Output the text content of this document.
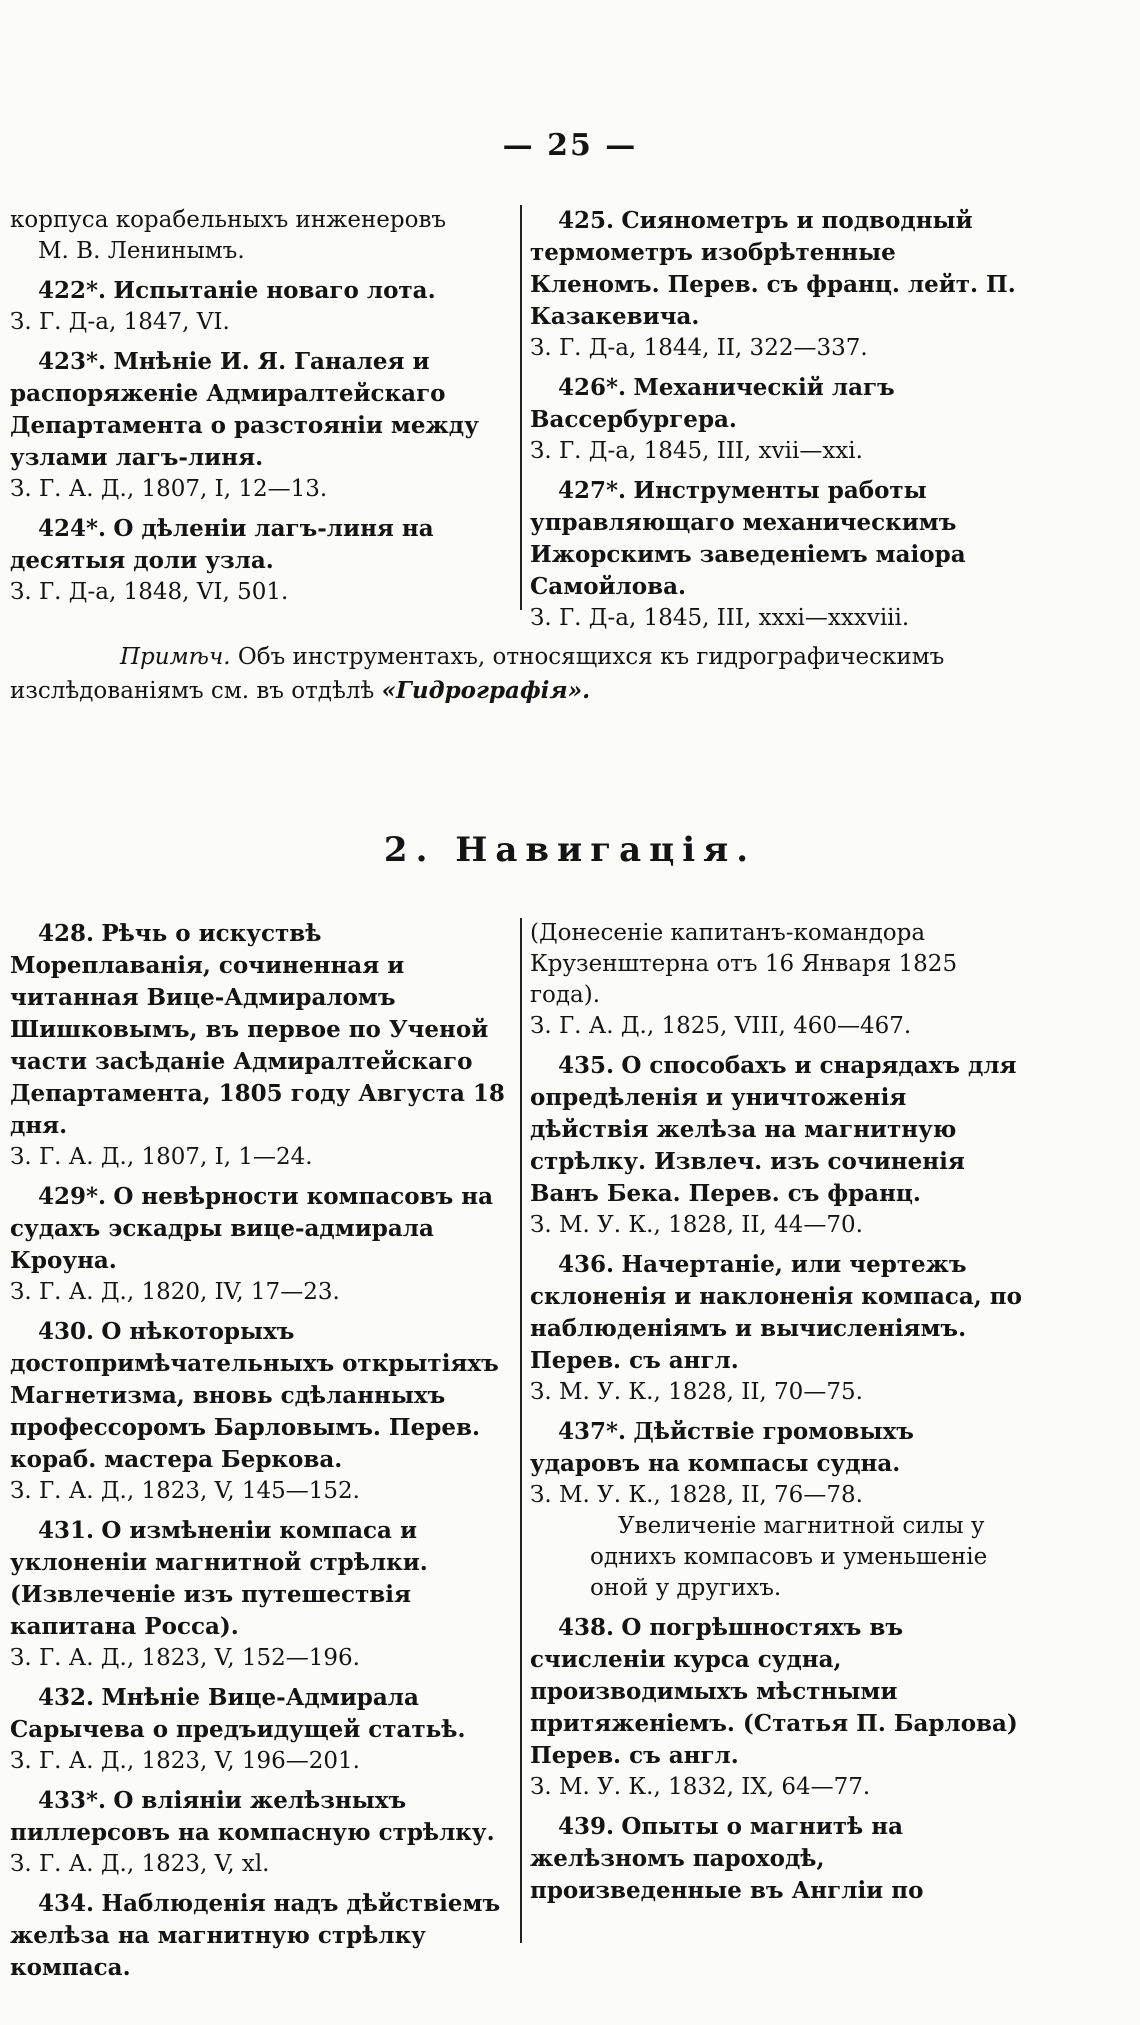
— 25 —

корпуса корабельныхъ инженеровъ

М. В. Ленинымъ.

422*. Испытаніе новаго лота.

З. Г. Д-а, 1847, VI.

423*. Мнѣніе И. Я. Ганалея и распоряженіе Адмиралтейскаго Департамента о разстояніи между узлами лагъ-линя.

З. Г. А. Д., 1807, I, 12—13.

424*. О дѣленіи лагъ-линя на десятыя доли узла.

З. Г. Д-а, 1848, VI, 501.

425. Сиянометръ и подводный термометръ изобрѣтенные Кленомъ. Перев. съ франц. лейт. П. Казакевича.

З. Г. Д-а, 1844, II, 322—337.

426*. Механическій лагъ Вассербургера.

З. Г. Д-а, 1845, III, xvii—xxi.

427*. Инструменты работы управляющаго механическимъ Ижорскимъ заведеніемъ маіора Самойлова.

З. Г. Д-а, 1845, III, xxxi—xxxviii.

Примѣч. Объ инструментахъ, относящихся къ гидрографическимъ изслѣдованіямъ см. въ отдѣлѣ «Гидрографія».
2. Навигація.

428. Рѣчь о искуствѣ Мореплаванія, сочиненная и читанная Вице-Адмираломъ Шишковымъ, въ первое по Ученой части засѣданіе Адмиралтейскаго Департамента, 1805 году Августа 18 дня.

З. Г. А. Д., 1807, I, 1—24.

429*. О невѣрности компасовъ на судахъ эскадры вице-адмирала Кроуна.

З. Г. А. Д., 1820, IV, 17—23.

430. О нѣкоторыхъ достопримѣчательныхъ открытіяхъ Магнетизма, вновь сдѣланныхъ профессоромъ Барловымъ. Перев. кораб. мастера Беркова.

З. Г. А. Д., 1823, V, 145—152.

431. О измѣненіи компаса и уклоненіи магнитной стрѣлки. (Извлеченіе изъ путешествія капитана Росса).

З. Г. А. Д., 1823, V, 152—196.

432. Мнѣніе Вице-Адмирала Сарычева о предъидущей статьѣ.

З. Г. А. Д., 1823, V, 196—201.

433*. О вліяніи желѣзныхъ пиллерсовъ на компасную стрѣлку.

З. Г. А. Д., 1823, V, xl.

434. Наблюденія надъ дѣйствіемъ желѣза на магнитную стрѣлку компаса.

(Донесеніе капитанъ-командора Крузенштерна отъ 16 Января 1825 года).

З. Г. А. Д., 1825, VIII, 460—467.

435. О способахъ и снарядахъ для опредѣленія и уничтоженія дѣйствія желѣза на магнитную стрѣлку. Извлеч. изъ сочиненія Ванъ Бека. Перев. съ франц.

З. М. У. К., 1828, II, 44—70.

436. Начертаніе, или чертежъ склоненія и наклоненія компаса, по наблюденіямъ и вычисленіямъ. Перев. съ англ.

З. М. У. К., 1828, II, 70—75.

437*. Дѣйствіе громовыхъ ударовъ на компасы судна.

З. М. У. К., 1828, II, 76—78.

Увеличеніе магнитной силы у однихъ компасовъ и уменьшеніе оной у другихъ.

438. О погрѣшностяхъ въ счисленіи курса судна, производимыхъ мѣстными притяженіемъ. (Статья П. Барлова) Перев. съ англ.

З. М. У. К., 1832, IX, 64—77.

439. Опыты о магнитѣ на желѣзномъ пароходѣ, произведенные въ Англіи по
